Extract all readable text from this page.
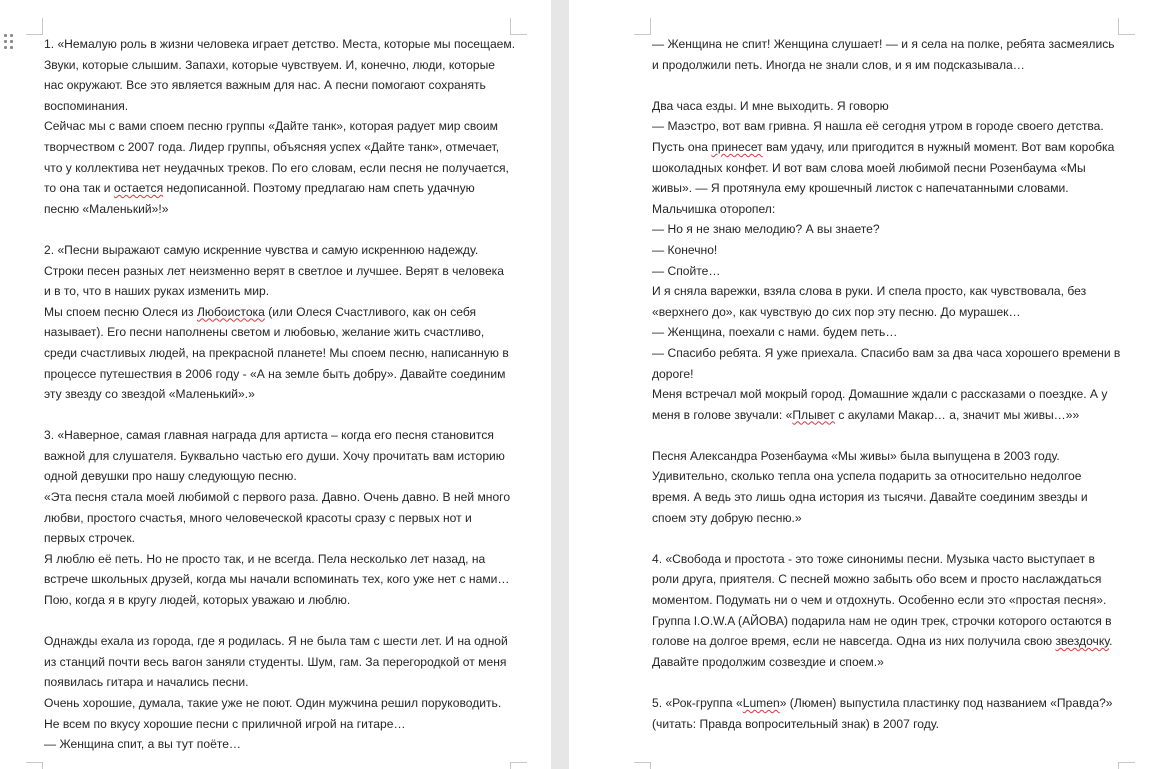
1. «Немалую роль в жизни человека играет детство. Места, которые мы посещаем.
Звуки, которые слышим. Запахи, которые чувствуем. И, конечно, люди, которые
нас окружают. Все это является важным для нас. А песни помогают сохранять
воспоминания.
Сейчас мы с вами споем песню группы «Дайте танк», которая радует мир своим
творчеством с 2007 года. Лидер группы, объясняя успех «Дайте танк», отмечает,
что у коллектива нет неудачных треков. По его словам, если песня не получается,
то она так и остается недописанной. Поэтому предлагаю нам спеть удачную
песню «Маленький»!»
2. «Песни выражают самую искренние чувства и самую искреннюю надежду.
Строки песен разных лет неизменно верят в светлое и лучшее. Верят в человека
и в то, что в наших руках изменить мир.
Мы споем песню Олеся из Любоистока (или Олеся Счастливого, как он себя
называет). Его песни наполнены светом и любовью, желание жить счастливо,
среди счастливых людей, на прекрасной планете! Мы споем песню, написанную в
процессе путешествия в 2006 году - «А на земле быть добру». Давайте соединим
эту звезду со звездой «Маленький».»
3. «Наверное, самая главная награда для артиста – когда его песня становится
важной для слушателя. Буквально частью его души. Хочу прочитать вам историю
одной девушки про нашу следующую песню.
«Эта песня стала моей любимой с первого раза. Давно. Очень давно. В ней много
любви, простого счастья, много человеческой красоты сразу с первых нот и
первых строчек.
Я люблю её петь. Но не просто так, и не всегда. Пела несколько лет назад, на
встрече школьных друзей, когда мы начали вспоминать тех, кого уже нет с нами…
Пою, когда я в кругу людей, которых уважаю и люблю.
Однажды ехала из города, где я родилась. Я не была там с шести лет. И на одной
из станций почти весь вагон заняли студенты. Шум, гам. За перегородкой от меня
появилась гитара и начались песни.
Очень хорошие, думала, такие уже не поют. Один мужчина решил поруководить.
Не всем по вкусу хорошие песни с приличной игрой на гитаре…
— Женщина спит, а вы тут поёте…
— Женщина не спит! Женщина слушает! — и я села на полке, ребята засмеялись
и продолжили петь. Иногда не знали слов, и я им подсказывала…
Два часа езды. И мне выходить. Я говорю
— Маэстро, вот вам гривна. Я нашла её сегодня утром в городе своего детства.
Пусть она принесет вам удачу, или пригодится в нужный момент. Вот вам коробка
шоколадных конфет. И вот вам слова моей любимой песни Розенбаума «Мы
живы». — Я протянула ему крошечный листок с напечатанными словами.
Мальчишка оторопел:
— Но я не знаю мелодию? А вы знаете?
— Конечно!
— Спойте…
И я сняла варежки, взяла слова в руки. И спела просто, как чувствовала, без
«верхнего до», как чувствую до сих пор эту песню. До мурашек…
— Женщина, поехали с нами. будем петь…
— Спасибо ребята. Я уже приехала. Спасибо вам за два часа хорошего времени в
дороге!
Меня встречал мой мокрый город. Домашние ждали с рассказами о поездке. А у
меня в голове звучали: «Плывет с акулами Макар… а, значит мы живы…»»
Песня Александра Розенбаума «Мы живы» была выпущена в 2003 году.
Удивительно, сколько тепла она успела подарить за относительно недолгое
время. А ведь это лишь одна история из тысячи. Давайте соединим звезды и
споем эту добрую песню.»
4. «Свобода и простота - это тоже синонимы песни. Музыка часто выступает в
роли друга, приятеля. С песней можно забыть обо всем и просто наслаждаться
моментом. Подумать ни о чем и отдохнуть. Особенно если это «простая песня».
Группа I.O.W.A (АЙОВА) подарила нам не один трек, строчки которого остаются в
голове на долгое время, если не навсегда. Одна из них получила свою звездочку.
Давайте продолжим созвездие и споем.»
5. «Рок-группа «Lumen» (Люмен) выпустила пластинку под названием «Правда?»
(читать: Правда вопросительный знак) в 2007 году.
